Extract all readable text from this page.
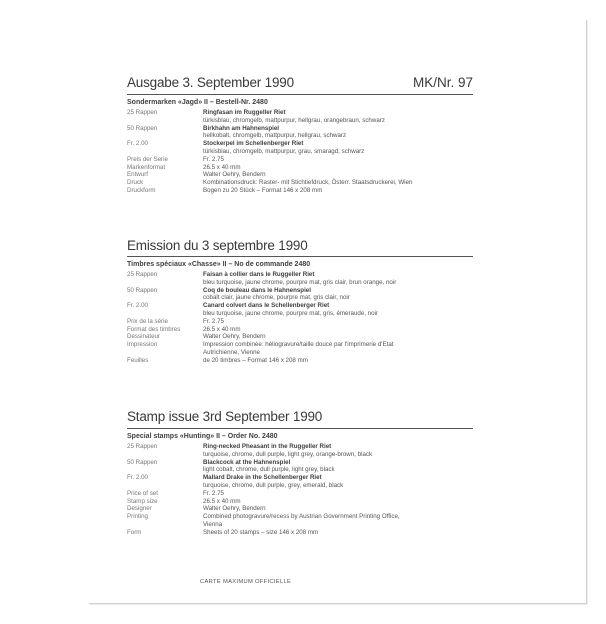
Ausgabe 3. September 1990	MK/Nr. 97
Sondermarken «Jagd» II – Bestell-Nr. 2480
25 Rappen	Ringfasan im Ruggeller Riet
türkisblau, chromgelb, mattpurpur, hellgrau, orangebraun, schwarz
50 Rappen	Birkhahn am Hahnenspiel
hellkobalt, chromgelb, mattpurpur, hellgrau, schwarz
Fr. 2.00	Stockerpel im Schellenberger Riet
türkisblau, chromgelb, mattpurpur, grau, smaragd, schwarz
Preis der Serie	Fr. 2.75
Markenformat	26.5 x 40 mm
Entwurf	Walter Oehry, Bendern
Druck	Kombinationsdruck: Raster- mit Stichtiefdruck, Österr. Staatsdruckerei, Wien
Druckform	Bogen zu 20 Stück – Format 146 x 208 mm
Emission du 3 septembre 1990
Timbres spéciaux «Chasse» II – No de commande 2480
25 Rappen	Faisan à collier dans le Ruggeller Riet
bleu turquoise, jaune chrome, pourpre mat, gris clair, brun orange, noir
50 Rappen	Coq de bouleau dans le Hahnenspiel
cobalt clair, jaune chrome, pourpre mat, gris clair, noir
Fr. 2.00	Canard colvert dans le Schellenberger Riet
bleu turquoise, jaune chrome, pourpre mat, gris, émeraude, noir
Prix de la série	Fr. 2.75
Format des timbres	26.5 x 40 mm
Dessinateur	Walter Oehry, Bendern
Impression	Impression combinée: héliogravure/taille douce par l'imprimerie d'Etat
Autrichienne, Vienne
Feuilles	de 20 timbres – Format 146 x 208 mm
Stamp issue 3rd September 1990
Special stamps «Hunting» II – Order No. 2480
25 Rappen	Ring-necked Pheasant in the Ruggeller Riet
turquoise, chrome, dull purple, light grey, orange-brown, black
50 Rappen	Blackcock at the Hahnenspiel
light cobalt, chrome, dull purple, light grey, black
Fr. 2.00	Mallard Drake in the Schellenberger Riet
turquoise, chrome, dull purple, grey, emerald, black
Price of set	Fr. 2.75
Stamp size	26.5 x 40 mm
Designer	Walter Oehry, Bendern
Printing	Combined photogravure/recess by Austrian Government Printing Office,
Vienna
Form	Sheets of 20 stamps – size 146 x 208 mm
CARTE MAXIMUM OFFICIELLE
